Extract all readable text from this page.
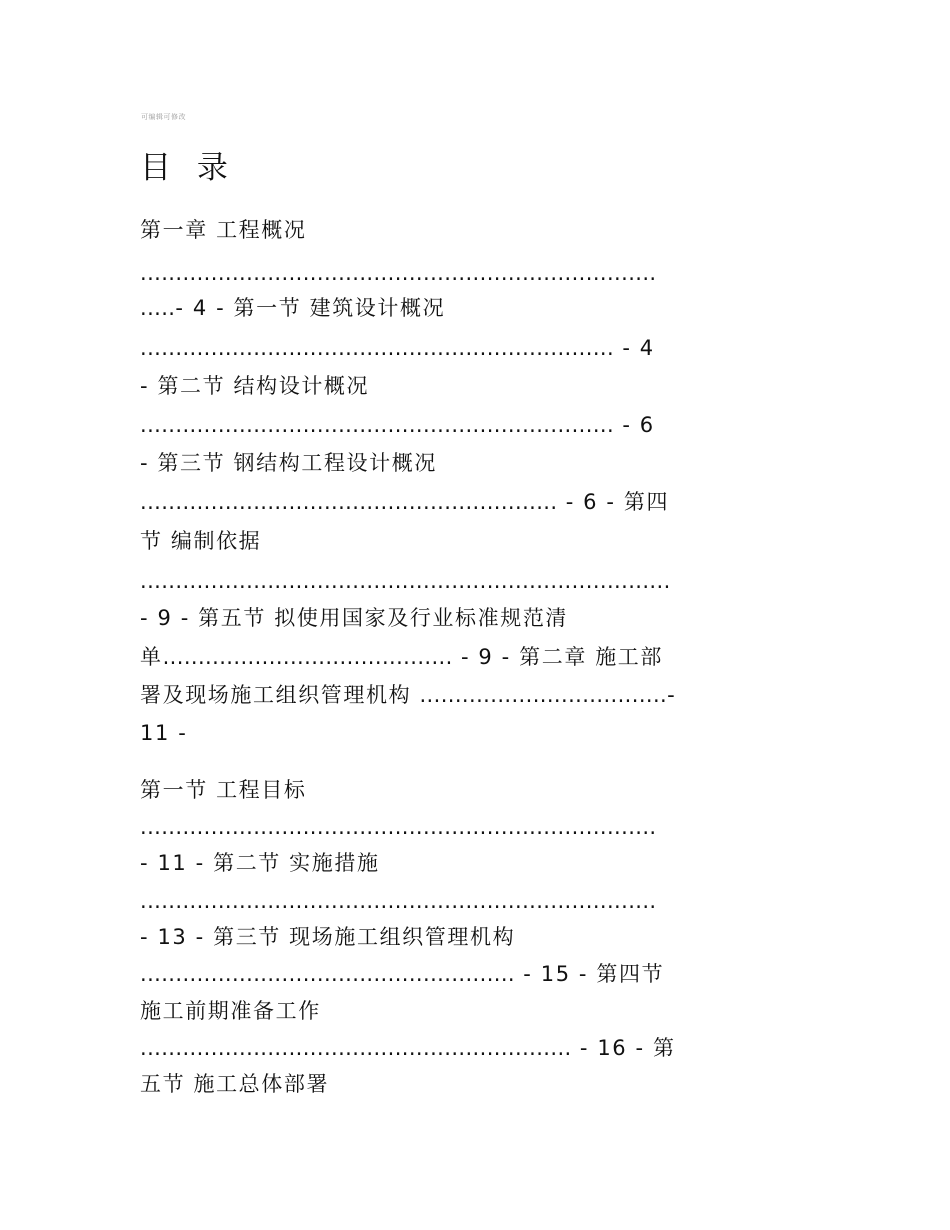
可编辑可修改
目 录
第一章 工程概况
.........................................................................
.....- 4 - 第一节 建筑设计概况
................................................................... - 4
- 第二节 结构设计概况
................................................................... - 6
- 第三节 钢结构工程设计概况
........................................................... - 6 - 第四
节 编制依据
...........................................................................
- 9 - 第五节 拟使用国家及行业标准规范清
单......................................... - 9 - 第二章 施工部
署及现场施工组织管理机构 ...................................-
11 -
第一节 工程目标
.........................................................................
- 11 - 第二节 实施措施
.........................................................................
- 13 - 第三节 现场施工组织管理机构
..................................................... - 15 - 第四节
施工前期准备工作
............................................................. - 16 - 第
五节 施工总体部署
